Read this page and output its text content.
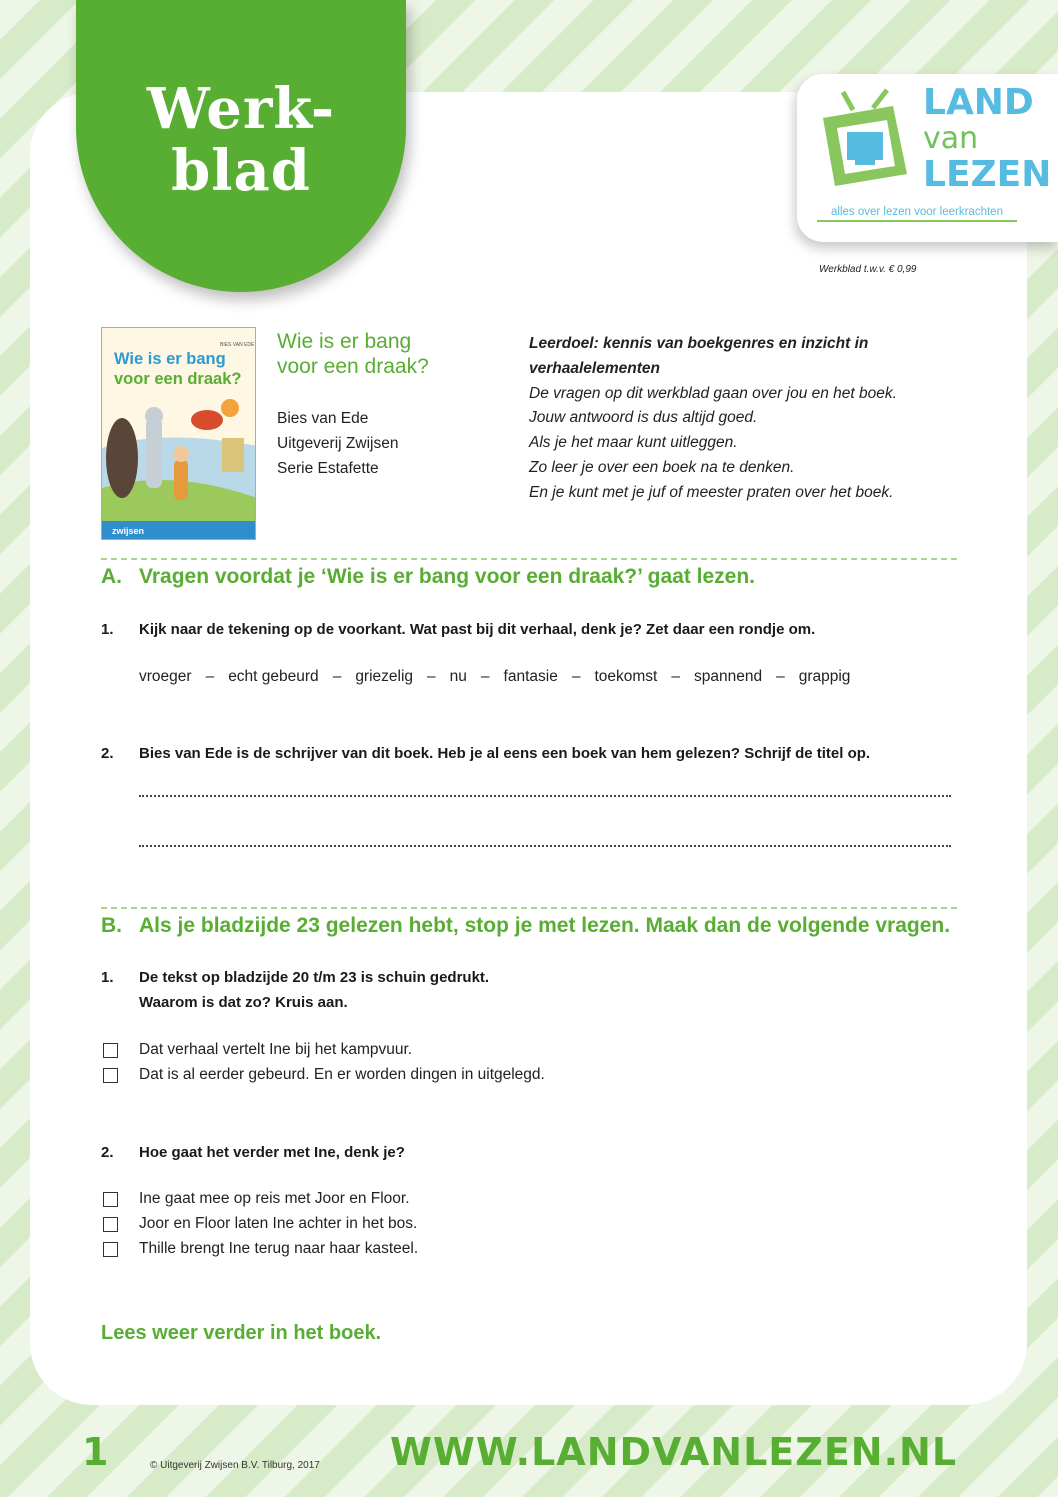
Werk-
blad
LAND
van
LEZEN
alles over lezen voor leerkrachten
Werkblad t.w.v. € 0,99
zwijsen
BIES VAN EDE
Wie is er bang
voor een draak?
Wie is er bang
voor een draak?
Bies van Ede
Uitgeverij Zwijsen
Serie Estafette
Leerdoel: kennis van boekgenres en inzicht in
verhaalelementen
De vragen op dit werkblad gaan over jou en het boek.
Jouw antwoord is dus altijd goed.
Als je het maar kunt uitleggen.
Zo leer je over een boek na te denken.
En je kunt met je juf of meester praten over het boek.
A. Vragen voordat je ‘Wie is er bang voor een draak?’ gaat lezen.
1. Kijk naar de tekening op de voorkant. Wat past bij dit verhaal, denk je? Zet daar een rondje om.
vroeger – echt gebeurd – griezelig – nu – fantasie – toekomst – spannend – grappig
2. Bies van Ede is de schrijver van dit boek. Heb je al eens een boek van hem gelezen? Schrijf de titel op.
B. Als je bladzijde 23 gelezen hebt, stop je met lezen. Maak dan de volgende vragen.
1. De tekst op bladzijde 20 t/m 23 is schuin gedrukt.
Waarom is dat zo? Kruis aan.
Dat verhaal vertelt Ine bij het kampvuur.
Dat is al eerder gebeurd. En er worden dingen in uitgelegd.
2. Hoe gaat het verder met Ine, denk je?
Ine gaat mee op reis met Joor en Floor.
Joor en Floor laten Ine achter in het bos.
Thille brengt Ine terug naar haar kasteel.
Lees weer verder in het boek.
1	© Uitgeverij Zwijsen B.V. Tilburg, 2017 WWW.LANDVANLEZEN.NL
